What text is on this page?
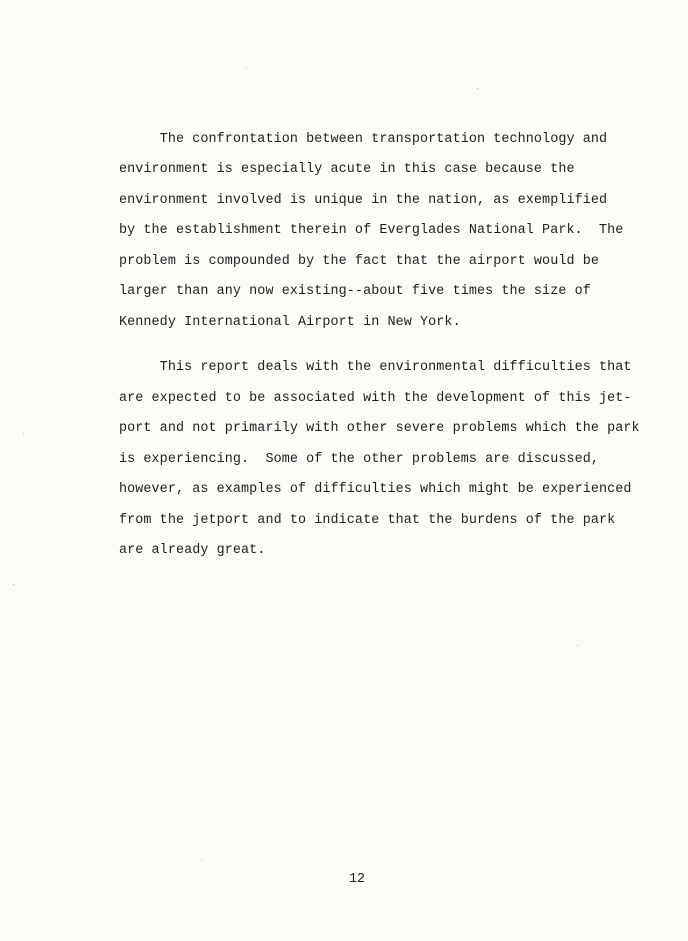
The confrontation between transportation technology and
environment is especially acute in this case because the
environment involved is unique in the nation, as exemplified
by the establishment therein of Everglades National Park.  The
problem is compounded by the fact that the airport would be
larger than any now existing--about five times the size of
Kennedy International Airport in New York.
This report deals with the environmental difficulties that
are expected to be associated with the development of this jet-
port and not primarily with other severe problems which the park
is experiencing.  Some of the other problems are discussed,
however, as examples of difficulties which might be experienced
from the jetport and to indicate that the burdens of the park
are already great.
12
